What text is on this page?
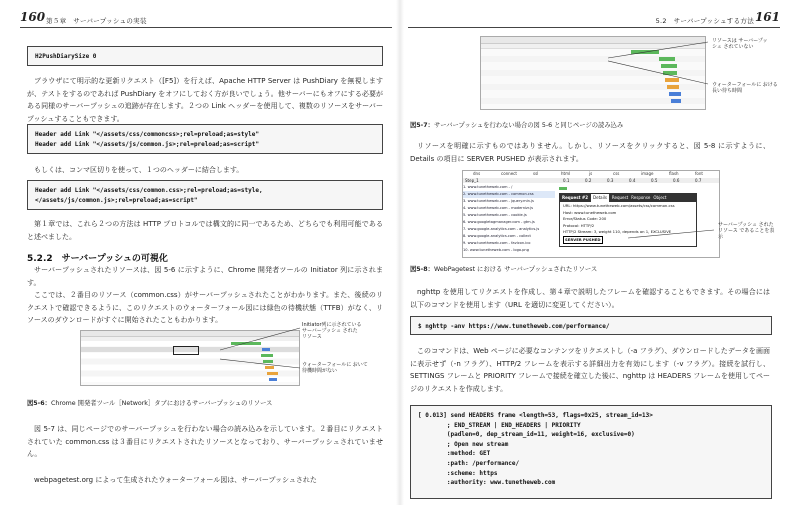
160 第５章　サーバープッシュの実装
H2PushDiarySize 0
ブラウザにて明示的な更新リクエスト（[F5]）を行えば、Apache HTTP Server は PushDiary を無視しますが、テストをするのであれば PushDiary をオフにしておく方が良いでしょう。他サーバーにもオフにする必要がある同様のサーバープッシュの追跡が存在します。２つの Link ヘッダーを使用して、複数のリソースをサーバープッシュすることもできます。
Header add Link "</assets/css/commoncss>;rel=preload;as=style"
Header add Link "</assets/js/common.js>;rel=preload;as=script"
もしくは、コンマ区切りを使って、１つのヘッダーに結合します。
Header add Link "</assets/css/common.css>;rel=preload;as=style,
</assets/js/common.js>;rel=preload;as=script"
第１章では、これら２つの方法は HTTP プロトコルでは構文的に同一であるため、どちらでも利用可能であると述べました。
5.2.2　サーバープッシュの可視化
サーバープッシュされたリソースは、図 5-6 に示すように、Chrome 開発者ツールの Initiator 列に示されます。
ここでは、２番目のリソース（common.css）がサーバープッシュされたことがわかります。また、後続のリクエストで確認できるように、このリクエストのウォーターフォール図には緑色の待機状態（TTFB）がなく、リソースのダウンロードがすぐに開始されたこともわかります。
Initiator列に示されている サーバープッシュ されたリソース
ウォーターフォールに おいて待機時間がない
図5-6：Chrome 開発者ツール［Network］タブにおけるサーバープッシュのリソース
図 5-7 は、同じページでのサーバープッシュを行わない場合の読み込みを示しています。２番目にリクエストされていた common.css は３番目にリクエストされたリソースとなっており、サーバープッシュされていません。
webpagetest.org によって生成されたウォーターフォール図は、サーバープッシュされた
5.2　サーバープッシュする方法 161
リソースは サーバープッシュ されていない
ウォーターフォールに おける長い待ち時間
図5-7：サーバープッシュを行わない場合の図 5-6 と同じページの読み込み
リソースを明確に示すものではありません。しかし、リソースをクリックすると、図 5-8 に示すように、Details の項目に SERVER PUSHED が表示されます。
dns	connect	ssl	html	js	css	image	flash	font
Step_1	0.1	0.2	0.3	0.4	0.5	0.6	0.7
1. www.tunetheweb.com - /
2. www.tunetheweb.com - common.css
3. www.tunetheweb.com - jquery.min.js
4. www.tunetheweb.com - modernizr.js
5. www.tunetheweb.com - cookie.js
6. www.googletagmanager.com - gtm.js
7. www.google-analytics.com - analytics.js
8. www.google-analytics.com - collect
9. www.tunetheweb.com - favicon.ico
10. www.tunetheweb.com - logo.png
Request #2	Details	Request Response Object
URL: https://www.tunetheweb.com/assets/css/common.css
Host: www.tunetheweb.com
Error/Status Code: 200
Protocol: HTTP/2
HTTP/2 Stream: 3, weight 110, depends on 1, EXCLUSIVE
SERVER PUSHED
サーバープッシュ されたリソース であることを表示
図5-8：WebPagetest における サーバープッシュされたリソース
nghttp を使用してリクエストを作成し、第４章で説明したフレームを確認することもできます。その場合には以下のコマンドを使用します（URL を適切に変更してください）。
$ nghttp -anv https://www.tunetheweb.com/performance/
このコマンドは、Web ページに必要なコンテンツをリクエストし（-a フラグ）、ダウンロードしたデータを画面に表示せず（-n フラグ）、HTTP/2 フレームを表示する詳細出力を有効にします（-v フラグ）。接続を試行し、SETTINGS フレームと PRIORITY フレームで接続を確立した後に、nghttp は HEADERS フレームを使用してページのリクエストを作成します。
[ 0.013] send HEADERS frame <length=53, flags=0x25, stream_id=13>
; END_STREAM | END_HEADERS | PRIORITY
(padlen=0, dep_stream_id=11, weight=16, exclusive=0)
; Open new stream
:method: GET
:path: /performance/
:scheme: https
:authority: www.tunetheweb.com
